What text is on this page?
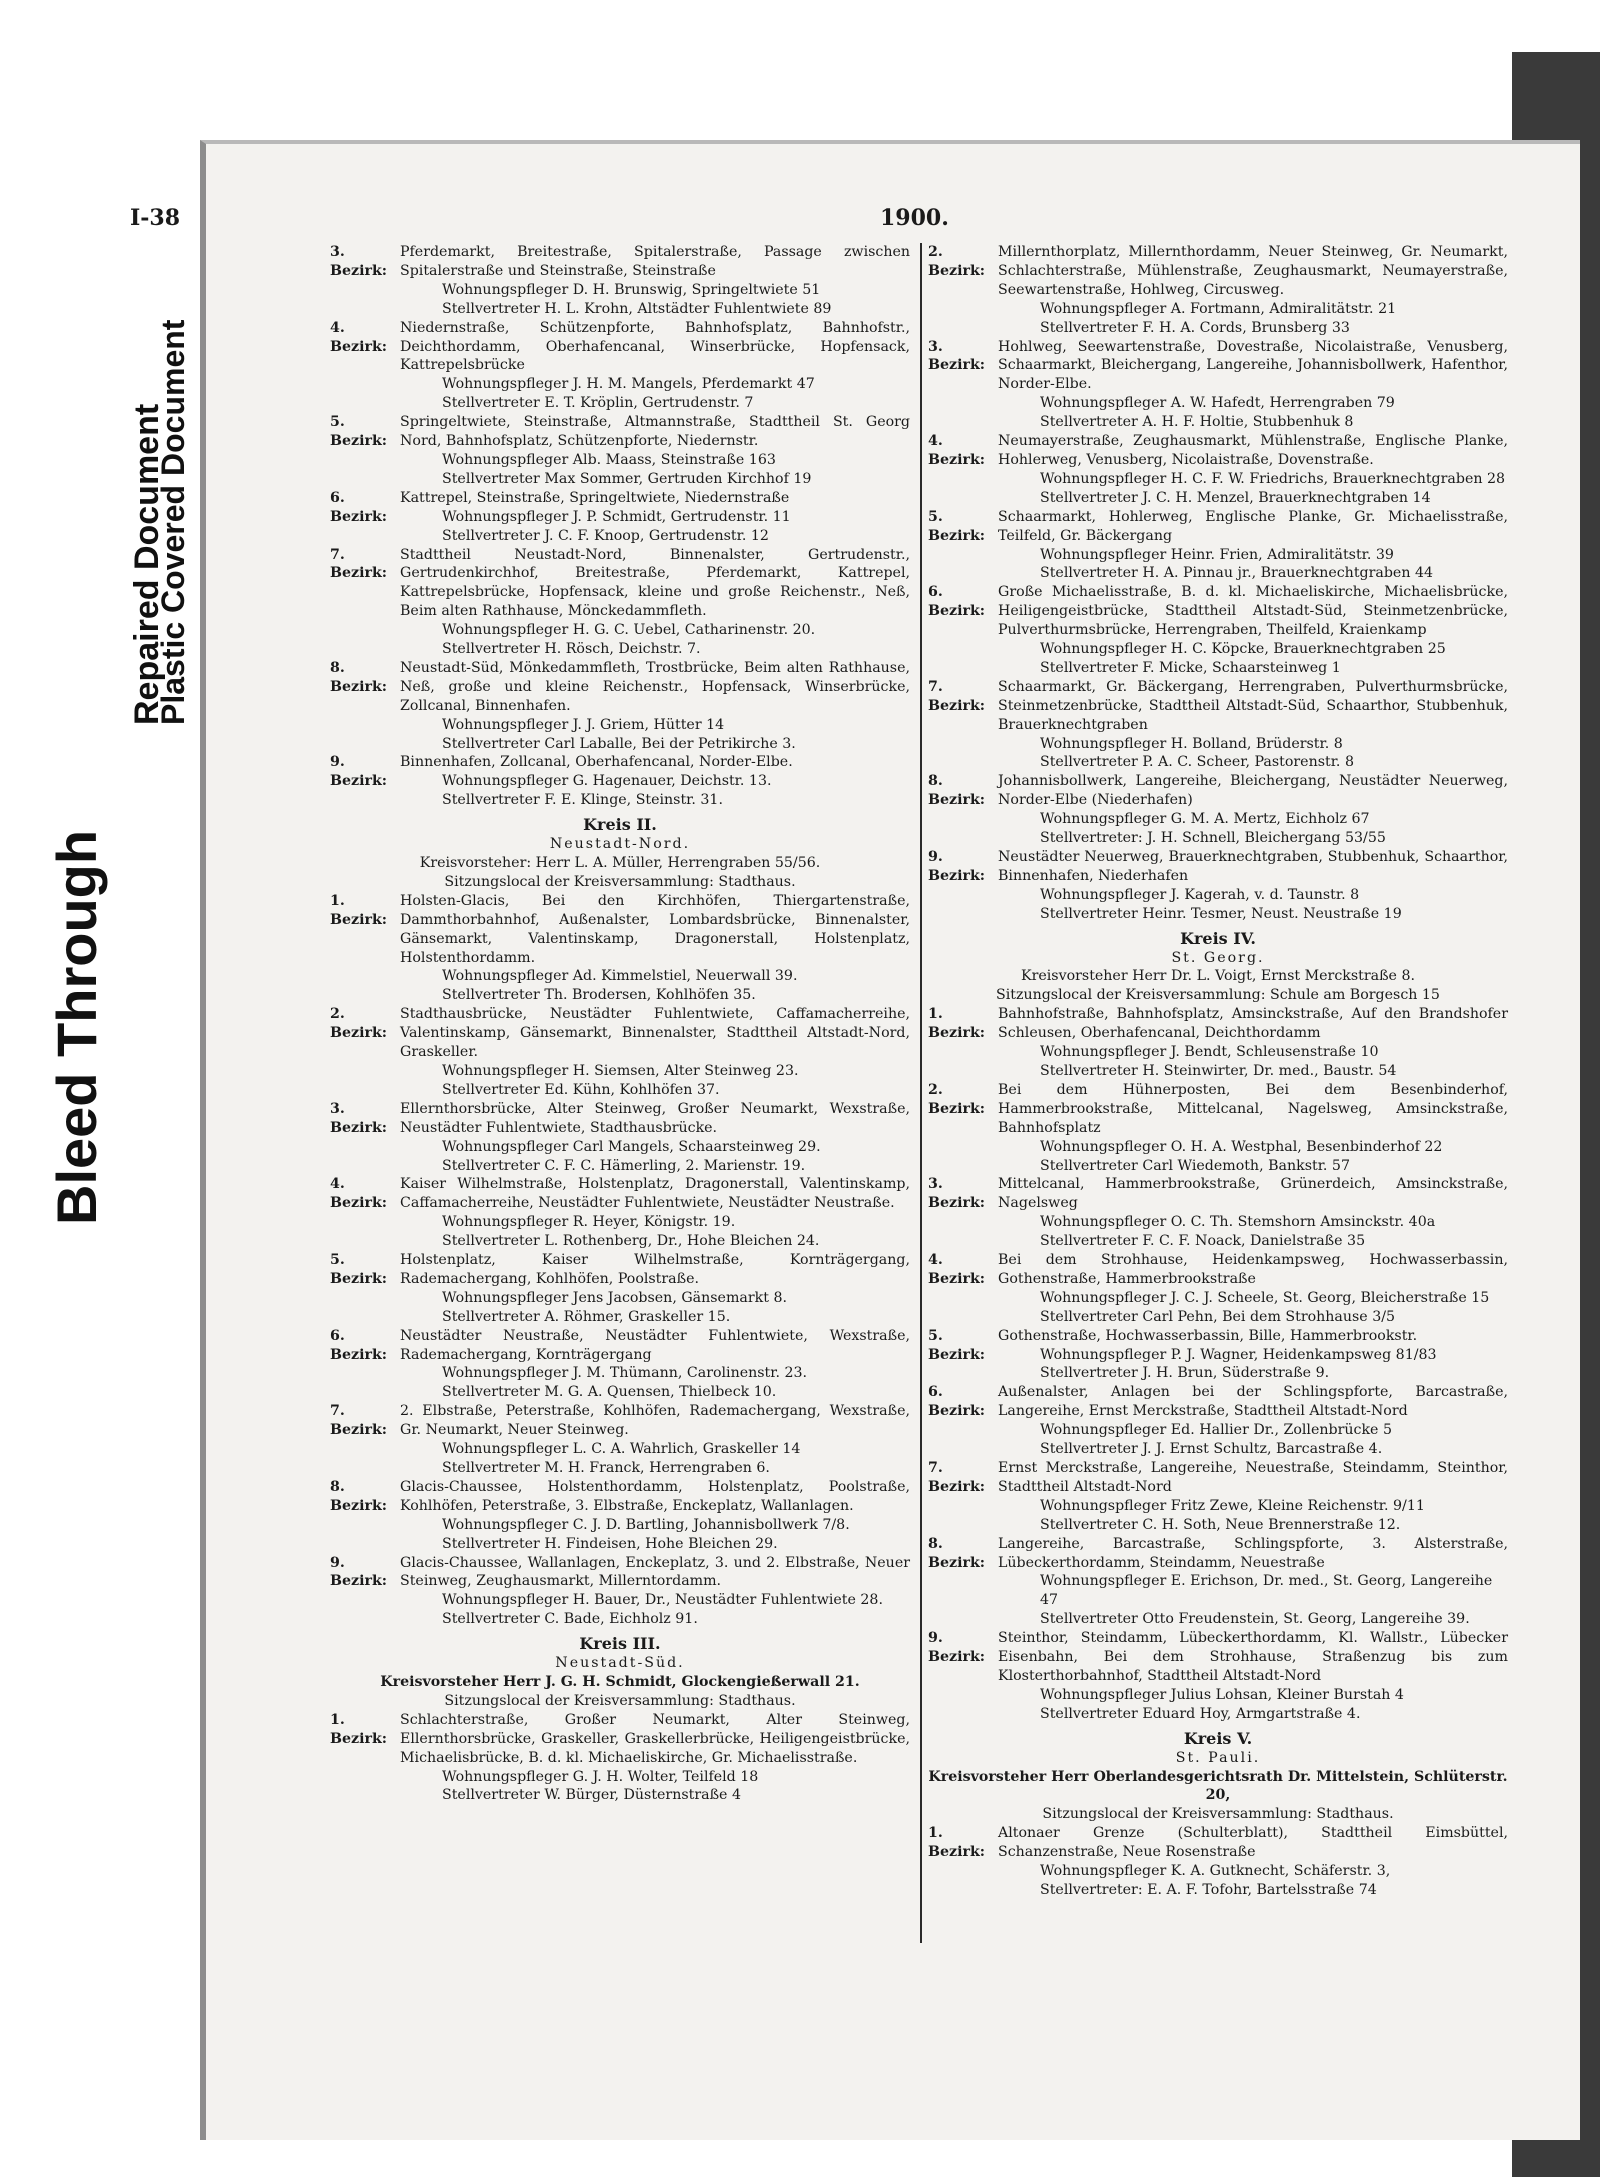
Bleed Through
Repaired Document
Plastic Covered Document
I-38	1900.
3. Bezirk:
Pferdemarkt, Breitestraße, Spitalerstraße, Passage zwischen Spitalerstraße und Steinstraße, Steinstraße
Wohnungspfleger D. H. Brunswig, Springeltwiete 51
Stellvertreter H. L. Krohn, Altstädter Fuhlentwiete 89
4. Bezirk:
Niedernstraße, Schützenpforte, Bahnhofsplatz, Bahnhofstr., Deichthordamm, Oberhafencanal, Winserbrücke, Hopfensack, Kattrepelsbrücke
Wohnungspfleger J. H. M. Mangels, Pferdemarkt 47
Stellvertreter E. T. Kröplin, Gertrudenstr. 7
5. Bezirk:
Springeltwiete, Steinstraße, Altmannstraße, Stadttheil St. Georg Nord, Bahnhofsplatz, Schützenpforte, Niedernstr.
Wohnungspfleger Alb. Maass, Steinstraße 163
Stellvertreter Max Sommer, Gertruden Kirchhof 19
6. Bezirk:
Kattrepel, Steinstraße, Springeltwiete, Niedernstraße
Wohnungspfleger J. P. Schmidt, Gertrudenstr. 11
Stellvertreter J. C. F. Knoop, Gertrudenstr. 12
7. Bezirk:
Stadttheil Neustadt-Nord, Binnenalster, Gertrudenstr., Gertrudenkirchhof, Breitestraße, Pferdemarkt, Kattrepel, Kattrepelsbrücke, Hopfensack, kleine und große Reichenstr., Neß, Beim alten Rathhause, Mönckedammfleth.
Wohnungspfleger H. G. C. Uebel, Catharinenstr. 20.
Stellvertreter H. Rösch, Deichstr. 7.
8. Bezirk:
Neustadt-Süd, Mönkedammfleth, Trostbrücke, Beim alten Rathhause, Neß, große und kleine Reichenstr., Hopfensack, Winserbrücke, Zollcanal, Binnenhafen.
Wohnungspfleger J. J. Griem, Hütter 14
Stellvertreter Carl Laballe, Bei der Petrikirche 3.
9. Bezirk:
Binnenhafen, Zollcanal, Oberhafencanal, Norder-Elbe.
Wohnungspfleger G. Hagenauer, Deichstr. 13.
Stellvertreter F. E. Klinge, Steinstr. 31.
Kreis II.
Neustadt-Nord.
Kreisvorsteher: Herr L. A. Müller, Herrengraben 55/56.
Sitzungslocal der Kreisversammlung: Stadthaus.
1. Bezirk:
Holsten-Glacis, Bei den Kirchhöfen, Thiergartenstraße, Dammthorbahnhof, Außenalster, Lombardsbrücke, Binnenalster, Gänsemarkt, Valentinskamp, Dragonerstall, Holstenplatz, Holstenthordamm.
Wohnungspfleger Ad. Kimmelstiel, Neuerwall 39.
Stellvertreter Th. Brodersen, Kohlhöfen 35.
2. Bezirk:
Stadthausbrücke, Neustädter Fuhlentwiete, Caffamacherreihe, Valentinskamp, Gänsemarkt, Binnenalster, Stadttheil Altstadt-Nord, Graskeller.
Wohnungspfleger H. Siemsen, Alter Steinweg 23.
Stellvertreter Ed. Kühn, Kohlhöfen 37.
3. Bezirk:
Ellernthorsbrücke, Alter Steinweg, Großer Neumarkt, Wexstraße, Neustädter Fuhlentwiete, Stadthausbrücke.
Wohnungspfleger Carl Mangels, Schaarsteinweg 29.
Stellvertreter C. F. C. Hämerling, 2. Marienstr. 19.
4. Bezirk:
Kaiser Wilhelmstraße, Holstenplatz, Dragonerstall, Valentinskamp, Caffamacherreihe, Neustädter Fuhlentwiete, Neustädter Neustraße.
Wohnungspfleger R. Heyer, Königstr. 19.
Stellvertreter L. Rothenberg, Dr., Hohe Bleichen 24.
5. Bezirk:
Holstenplatz, Kaiser Wilhelmstraße, Kornträgergang, Rademachergang, Kohlhöfen, Poolstraße.
Wohnungspfleger Jens Jacobsen, Gänsemarkt 8.
Stellvertreter A. Röhmer, Graskeller 15.
6. Bezirk:
Neustädter Neustraße, Neustädter Fuhlentwiete, Wexstraße, Rademachergang, Kornträgergang
Wohnungspfleger J. M. Thümann, Carolinenstr. 23.
Stellvertreter M. G. A. Quensen, Thielbeck 10.
7. Bezirk:
2. Elbstraße, Peterstraße, Kohlhöfen, Rademachergang, Wexstraße, Gr. Neumarkt, Neuer Steinweg.
Wohnungspfleger L. C. A. Wahrlich, Graskeller 14
Stellvertreter M. H. Franck, Herrengraben 6.
8. Bezirk:
Glacis-Chaussee, Holstenthordamm, Holstenplatz, Poolstraße, Kohlhöfen, Peterstraße, 3. Elbstraße, Enckeplatz, Wallanlagen.
Wohnungspfleger C. J. D. Bartling, Johannisbollwerk 7/8.
Stellvertreter H. Findeisen, Hohe Bleichen 29.
9. Bezirk:
Glacis-Chaussee, Wallanlagen, Enckeplatz, 3. und 2. Elbstraße, Neuer Steinweg, Zeughausmarkt, Millerntordamm.
Wohnungspfleger H. Bauer, Dr., Neustädter Fuhlentwiete 28.
Stellvertreter C. Bade, Eichholz 91.
Kreis III.
Neustadt-Süd.
Kreisvorsteher Herr J. G. H. Schmidt, Glockengießerwall 21.
Sitzungslocal der Kreisversammlung: Stadthaus.
1. Bezirk:
Schlachterstraße, Großer Neumarkt, Alter Steinweg, Ellernthorsbrücke, Graskeller, Graskellerbrücke, Heiligengeistbrücke, Michaelisbrücke, B. d. kl. Michaeliskirche, Gr. Michaelisstraße.
Wohnungspfleger G. J. H. Wolter, Teilfeld 18
Stellvertreter W. Bürger, Düsternstraße 4
2. Bezirk:
Millernthorplatz, Millernthordamm, Neuer Steinweg, Gr. Neumarkt, Schlachterstraße, Mühlenstraße, Zeughausmarkt, Neumayerstraße, Seewartenstraße, Hohlweg, Circusweg.
Wohnungspfleger A. Fortmann, Admiralitätstr. 21
Stellvertreter F. H. A. Cords, Brunsberg 33
3. Bezirk:
Hohlweg, Seewartenstraße, Dovestraße, Nicolaistraße, Venusberg, Schaarmarkt, Bleichergang, Langereihe, Johannisbollwerk, Hafenthor, Norder-Elbe.
Wohnungspfleger A. W. Hafedt, Herrengraben 79
Stellvertreter A. H. F. Holtie, Stubbenhuk 8
4. Bezirk:
Neumayerstraße, Zeughausmarkt, Mühlenstraße, Englische Planke, Hohlerweg, Venusberg, Nicolaistraße, Dovenstraße.
Wohnungspfleger H. C. F. W. Friedrichs, Brauerknechtgraben 28
Stellvertreter J. C. H. Menzel, Brauerknechtgraben 14
5. Bezirk:
Schaarmarkt, Hohlerweg, Englische Planke, Gr. Michaelisstraße, Teilfeld, Gr. Bäckergang
Wohnungspfleger Heinr. Frien, Admiralitätstr. 39
Stellvertreter H. A. Pinnau jr., Brauerknechtgraben 44
6. Bezirk:
Große Michaelisstraße, B. d. kl. Michaeliskirche, Michaelisbrücke, Heiligengeistbrücke, Stadttheil Altstadt-Süd, Steinmetzenbrücke, Pulverthurmsbrücke, Herrengraben, Theilfeld, Kraienkamp
Wohnungspfleger H. C. Köpcke, Brauerknechtgraben 25
Stellvertreter F. Micke, Schaarsteinweg 1
7. Bezirk:
Schaarmarkt, Gr. Bäckergang, Herrengraben, Pulverthurmsbrücke, Steinmetzenbrücke, Stadttheil Altstadt-Süd, Schaarthor, Stubbenhuk, Brauerknechtgraben
Wohnungspfleger H. Bolland, Brüderstr. 8
Stellvertreter P. A. C. Scheer, Pastorenstr. 8
8. Bezirk:
Johannisbollwerk, Langereihe, Bleichergang, Neustädter Neuerweg, Norder-Elbe (Niederhafen)
Wohnungspfleger G. M. A. Mertz, Eichholz 67
Stellvertreter: J. H. Schnell, Bleichergang 53/55
9. Bezirk:
Neustädter Neuerweg, Brauerknechtgraben, Stubbenhuk, Schaarthor, Binnenhafen, Niederhafen
Wohnungspfleger J. Kagerah, v. d. Taunstr. 8
Stellvertreter Heinr. Tesmer, Neust. Neustraße 19
Kreis IV.
St. Georg.
Kreisvorsteher Herr Dr. L. Voigt, Ernst Merckstraße 8.
Sitzungslocal der Kreisversammlung: Schule am Borgesch 15
1. Bezirk:
Bahnhofstraße, Bahnhofsplatz, Amsinckstraße, Auf den Brandshofer Schleusen, Oberhafencanal, Deichthordamm
Wohnungspfleger J. Bendt, Schleusenstraße 10
Stellvertreter H. Steinwirter, Dr. med., Baustr. 54
2. Bezirk:
Bei dem Hühnerposten, Bei dem Besenbinderhof, Hammerbrookstraße, Mittelcanal, Nagelsweg, Amsinckstraße, Bahnhofsplatz
Wohnungspfleger O. H. A. Westphal, Besenbinderhof 22
Stellvertreter Carl Wiedemoth, Bankstr. 57
3. Bezirk:
Mittelcanal, Hammerbrookstraße, Grünerdeich, Amsinckstraße, Nagelsweg
Wohnungspfleger O. C. Th. Stemshorn Amsinckstr. 40a
Stellvertreter F. C. F. Noack, Danielstraße 35
4. Bezirk:
Bei dem Strohhause, Heidenkampsweg, Hochwasserbassin, Gothenstraße, Hammerbrookstraße
Wohnungspfleger J. C. J. Scheele, St. Georg, Bleicherstraße 15
Stellvertreter Carl Pehn, Bei dem Strohhause 3/5
5. Bezirk:
Gothenstraße, Hochwasserbassin, Bille, Hammerbrookstr.
Wohnungspfleger P. J. Wagner, Heidenkampsweg 81/83
Stellvertreter J. H. Brun, Süderstraße 9.
6. Bezirk:
Außenalster, Anlagen bei der Schlingspforte, Barcastraße, Langereihe, Ernst Merckstraße, Stadttheil Altstadt-Nord
Wohnungspfleger Ed. Hallier Dr., Zollenbrücke 5
Stellvertreter J. J. Ernst Schultz, Barcastraße 4.
7. Bezirk:
Ernst Merckstraße, Langereihe, Neuestraße, Steindamm, Steinthor, Stadttheil Altstadt-Nord
Wohnungspfleger Fritz Zewe, Kleine Reichenstr. 9/11
Stellvertreter C. H. Soth, Neue Brennerstraße 12.
8. Bezirk:
Langereihe, Barcastraße, Schlingspforte, 3. Alsterstraße, Lübeckerthordamm, Steindamm, Neuestraße
Wohnungspfleger E. Erichson, Dr. med., St. Georg, Langereihe 47
Stellvertreter Otto Freudenstein, St. Georg, Langereihe 39.
9. Bezirk:
Steinthor, Steindamm, Lübeckerthordamm, Kl. Wallstr., Lübecker Eisenbahn, Bei dem Strohhause, Straßenzug bis zum Klosterthorbahnhof, Stadttheil Altstadt-Nord
Wohnungspfleger Julius Lohsan, Kleiner Burstah 4
Stellvertreter Eduard Hoy, Armgartstraße 4.
Kreis V.
St. Pauli.
Kreisvorsteher Herr Oberlandesgerichtsrath Dr. Mittelstein, Schlüterstr. 20,
Sitzungslocal der Kreisversammlung: Stadthaus.
1. Bezirk:
Altonaer Grenze (Schulterblatt), Stadttheil Eimsbüttel, Schanzenstraße, Neue Rosenstraße
Wohnungspfleger K. A. Gutknecht, Schäferstr. 3,
Stellvertreter: E. A. F. Tofohr, Bartelsstraße 74
